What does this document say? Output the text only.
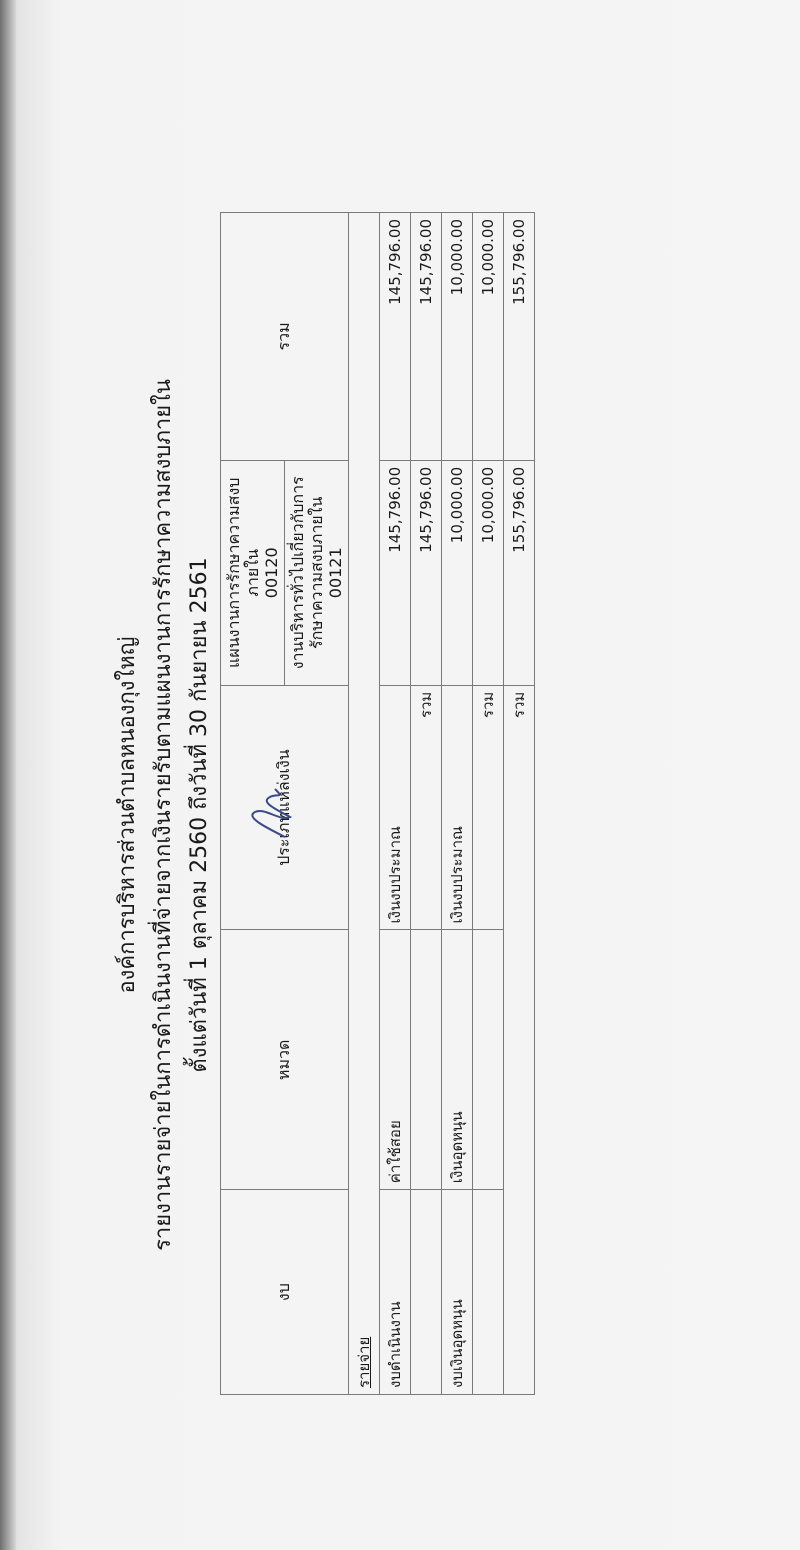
องค์การบริหารส่วนตำบลหนองกุงใหญ่ รายงานรายจ่ายในการดำเนินงานที่จ่ายจากเงินรายรับตามแผนงานการรักษาความสงบภายใน ตั้งแต่วันที่ 1 ตุลาคม 2560 ถึงวันที่ 30 กันยายน 2561
งบ	หมวด	ประเภทแหล่งเงิน	แผนงานการรักษาความสงบภายใน 00120	รวม

			งานบริหารทั่วไปเกี่ยวกับการรักษาความสงบภายใน 00121	

รายจ่าย				
งบดำเนินงาน	ค่าใช้สอย	เงินงบประมาณ	145,796.00	145,796.00
		รวม	145,796.00	145,796.00
งบเงินอุดหนุน	เงินอุดหนุน	เงินงบประมาณ	10,000.00	10,000.00
		รวม	10,000.00	10,000.00
รวม			155,796.00	155,796.00
